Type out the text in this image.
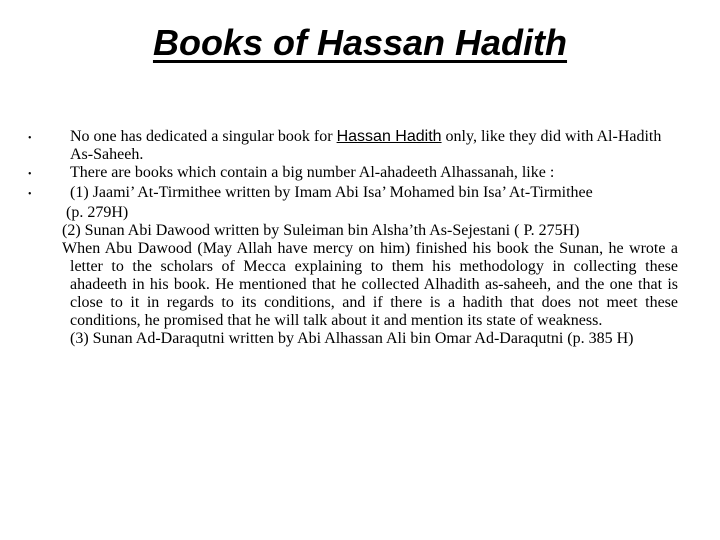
Books of Hassan Hadith
•	No one has dedicated a singular book for Hassan Hadith only, like they did with Al-Hadith As-Saheeh.
•	There are books which contain a big number Al-ahadeeth Alhassanah, like :
•	(1) Jaami’ At-Tirmithee written by Imam Abi Isa’ Mohamed bin Isa’ At-Tirmithee
(p. 279H)
(2) Sunan Abi Dawood written by Suleiman bin Alsha’th As-Sejestani ( P. 275H)
When Abu Dawood (May Allah have mercy on him) finished his book the Sunan, he wrote a letter to the scholars of Mecca explaining to them his methodology in collecting these ahadeeth in his book. He mentioned that he collected Alhadith as-saheeh, and the one that is close to it in regards to its conditions, and if there is a hadith that does not meet these conditions, he promised that he will talk about it and mention its state of weakness.
(3) Sunan Ad-Daraqutni written by Abi Alhassan Ali bin Omar Ad-Daraqutni (p. 385 H)
